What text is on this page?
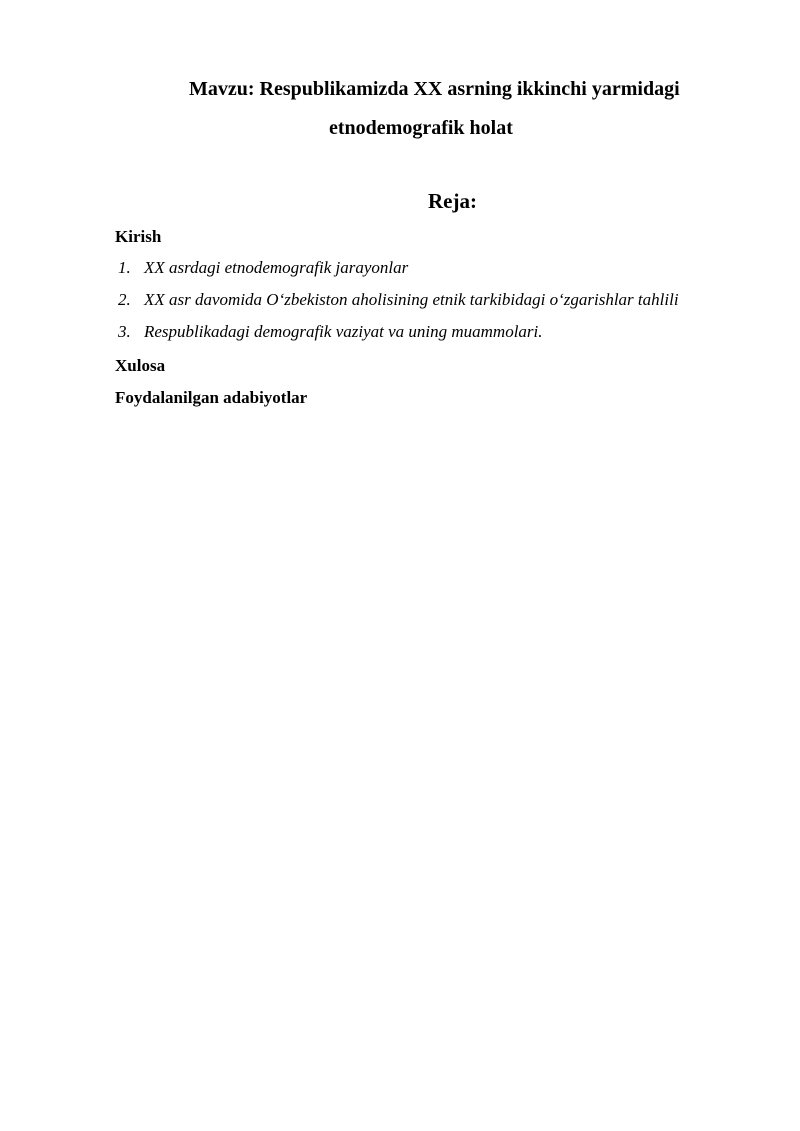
Mavzu: Respublikamizda XX asrning ikkinchi yarmidagi
etnodemografik holat
Reja:
Kirish
1. XX asrdagi etnodemografik jarayonlar
2. XX asr davomida O‘zbekiston aholisining etnik tarkibidagi o‘zgarishlar tahlili
3. Respublikadagi demografik vaziyat va uning muammolari.
Xulosa
Foydalanilgan adabiyotlar
